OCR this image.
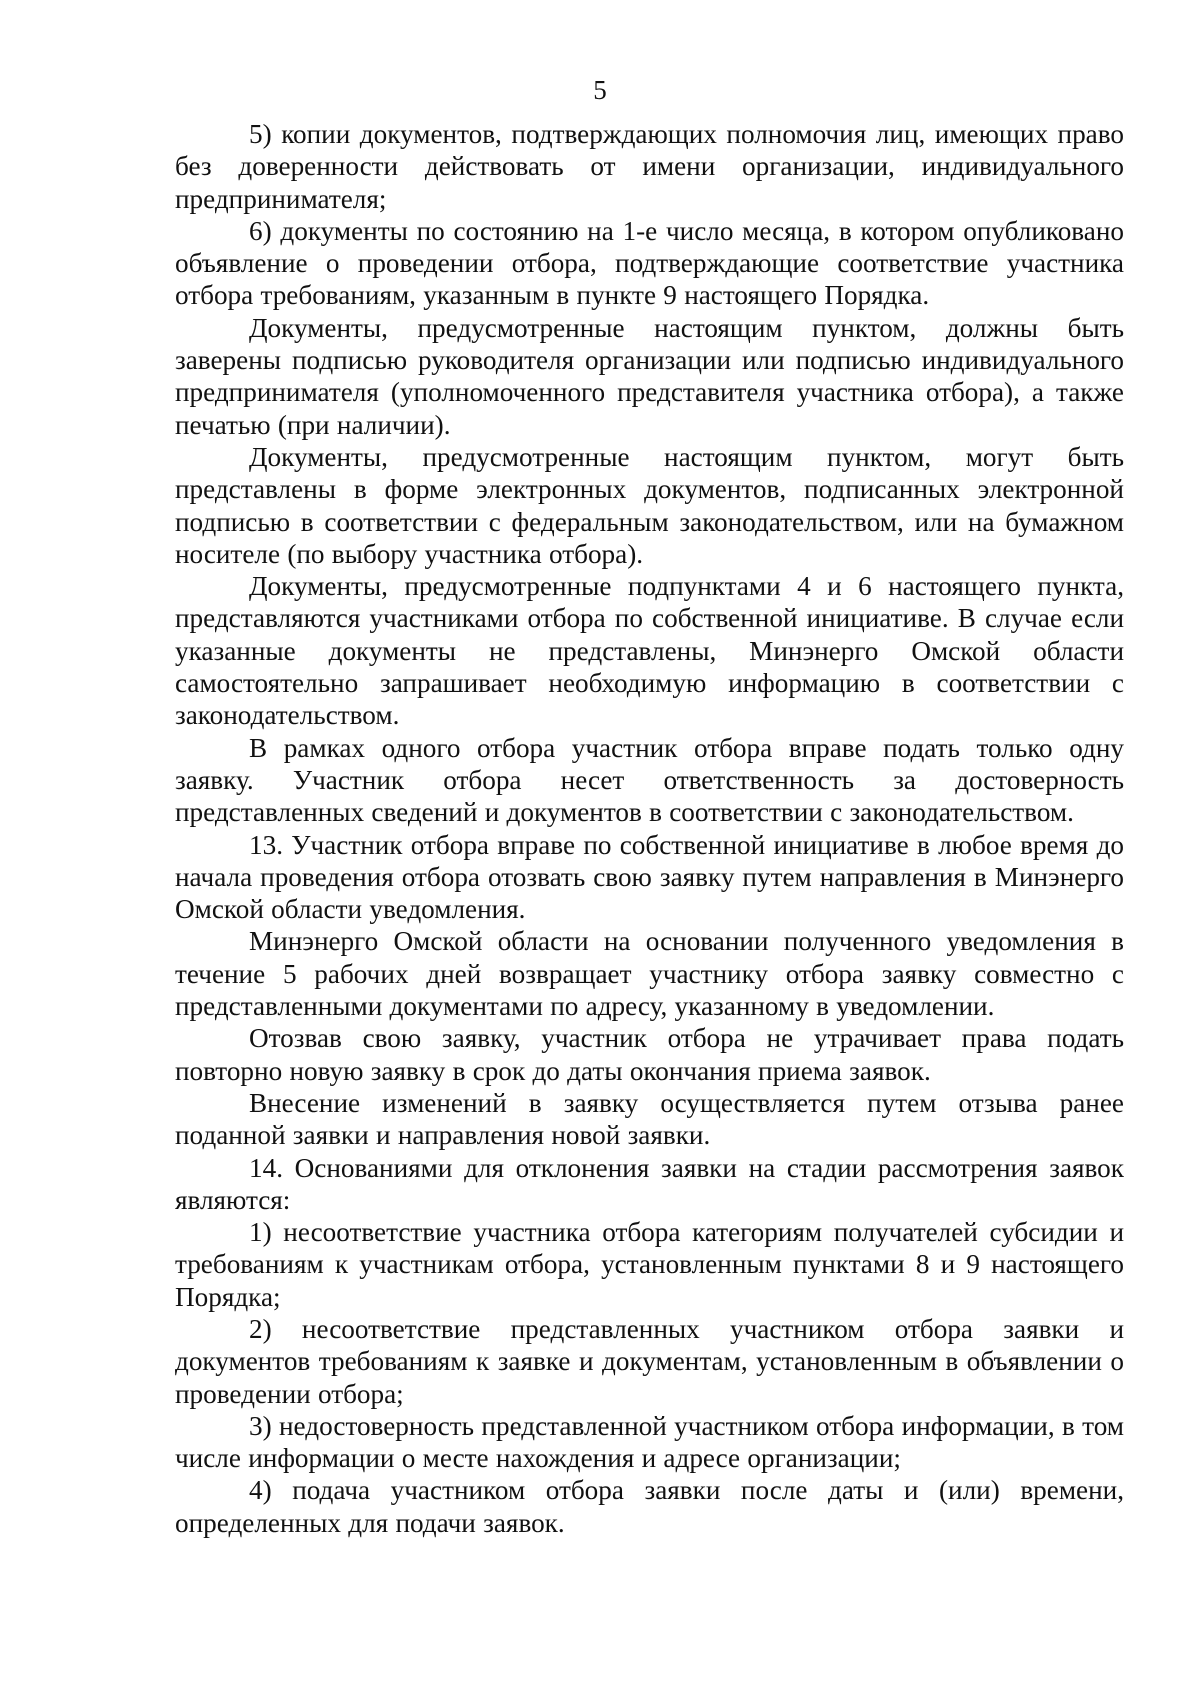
5

5) копии документов, подтверждающих полномочия лиц, имеющих право без доверенности действовать от имени организации, индивидуального предпринимателя;

6) документы по состоянию на 1-е число месяца, в котором опубликовано объявление о проведении отбора, подтверждающие соответствие участника отбора требованиям, указанным в пункте 9 настоящего Порядка.

Документы, предусмотренные настоящим пунктом, должны быть заверены подписью руководителя организации или подписью индивидуального предпринимателя (уполномоченного представителя участника отбора), а также печатью (при наличии).

Документы, предусмотренные настоящим пунктом, могут быть представлены в форме электронных документов, подписанных электронной подписью в соответствии с федеральным законодательством, или на бумажном носителе (по выбору участника отбора).

Документы, предусмотренные подпунктами 4 и 6 настоящего пункта, представляются участниками отбора по собственной инициативе. В случае если указанные документы не представлены, Минэнерго Омской области самостоятельно запрашивает необходимую информацию в соответствии с законодательством.

В рамках одного отбора участник отбора вправе подать только одну заявку. Участник отбора несет ответственность за достоверность представленных сведений и документов в соответствии с законодательством.

13. Участник отбора вправе по собственной инициативе в любое время до начала проведения отбора отозвать свою заявку путем направления в Минэнерго Омской области уведомления.

Минэнерго Омской области на основании полученного уведомления в течение 5 рабочих дней возвращает участнику отбора заявку совместно с представленными документами по адресу, указанному в уведомлении.

Отозвав свою заявку, участник отбора не утрачивает права подать повторно новую заявку в срок до даты окончания приема заявок.

Внесение изменений в заявку осуществляется путем отзыва ранее поданной заявки и направления новой заявки.

14. Основаниями для отклонения заявки на стадии рассмотрения заявок являются:

1) несоответствие участника отбора категориям получателей субсидии и требованиям к участникам отбора, установленным пунктами 8 и 9 настоящего Порядка;

2) несоответствие представленных участником отбора заявки и документов требованиям к заявке и документам, установленным в объявлении о проведении отбора;

3) недостоверность представленной участником отбора информации, в том числе информации о месте нахождения и адресе организации;

4) подача участником отбора заявки после даты и (или) времени, определенных для подачи заявок.
